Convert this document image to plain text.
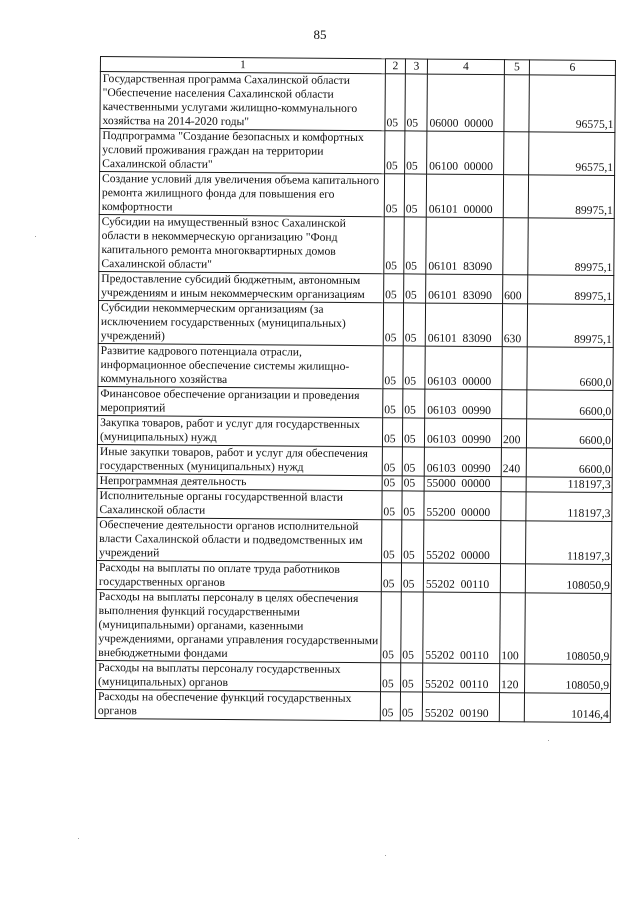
85
1	2	3	4	5	6
Государственная программа Сахалинской области "Обеспечение населения Сахалинской области качественными услугами жилищно-коммунального хозяйства на 2014-2020 годы"	05	05	06000  00000		96575,1
Подпрограмма "Создание безопасных и комфортных условий проживания граждан на территории Сахалинской области"	05	05	06100  00000		96575,1
Создание условий для увеличения объема капитального ремонта жилищного фонда для повышения его комфортности	05	05	06101  00000		89975,1
Субсидии на имущественный взнос Сахалинской области в некоммерческую организацию "Фонд капитального ремонта многоквартирных домов Сахалинской области"	05	05	06101  83090		89975,1
Предоставление субсидий бюджетным, автономным учреждениям и иным некоммерческим организациям	05	05	06101  83090	600	89975,1
Субсидии некоммерческим организациям (за исключением государственных (муниципальных) учреждений)	05	05	06101  83090	630	89975,1
Развитие кадрового потенциала отрасли, информационное обеспечение системы жилищно-коммунального хозяйства	05	05	06103  00000		6600,0
Финансовое обеспечение организации и проведения мероприятий	05	05	06103  00990		6600,0
Закупка товаров, работ и услуг для государственных (муниципальных) нужд	05	05	06103  00990	200	6600,0
Иные закупки товаров, работ и услуг для обеспечения государственных (муниципальных) нужд	05	05	06103  00990	240	6600,0
Непрограммная деятельность	05	05	55000  00000		118197,3
Исполнительные органы государственной власти Сахалинской области	05	05	55200  00000		118197,3
Обеспечение деятельности органов исполнительной власти Сахалинской области и подведомственных им учреждений	05	05	55202  00000		118197,3
Расходы на выплаты по оплате труда работников государственных органов	05	05	55202  00110		108050,9
Расходы на выплаты персоналу в целях обеспечения выполнения функций государственными (муниципальными) органами, казенными учреждениями, органами управления государственными внебюджетными фондами	05	05	55202  00110	100	108050,9
Расходы на выплаты персоналу государственных (муниципальных) органов	05	05	55202  00110	120	108050,9
Расходы на обеспечение функций государственных органов	05	05	55202  00190		10146,4
